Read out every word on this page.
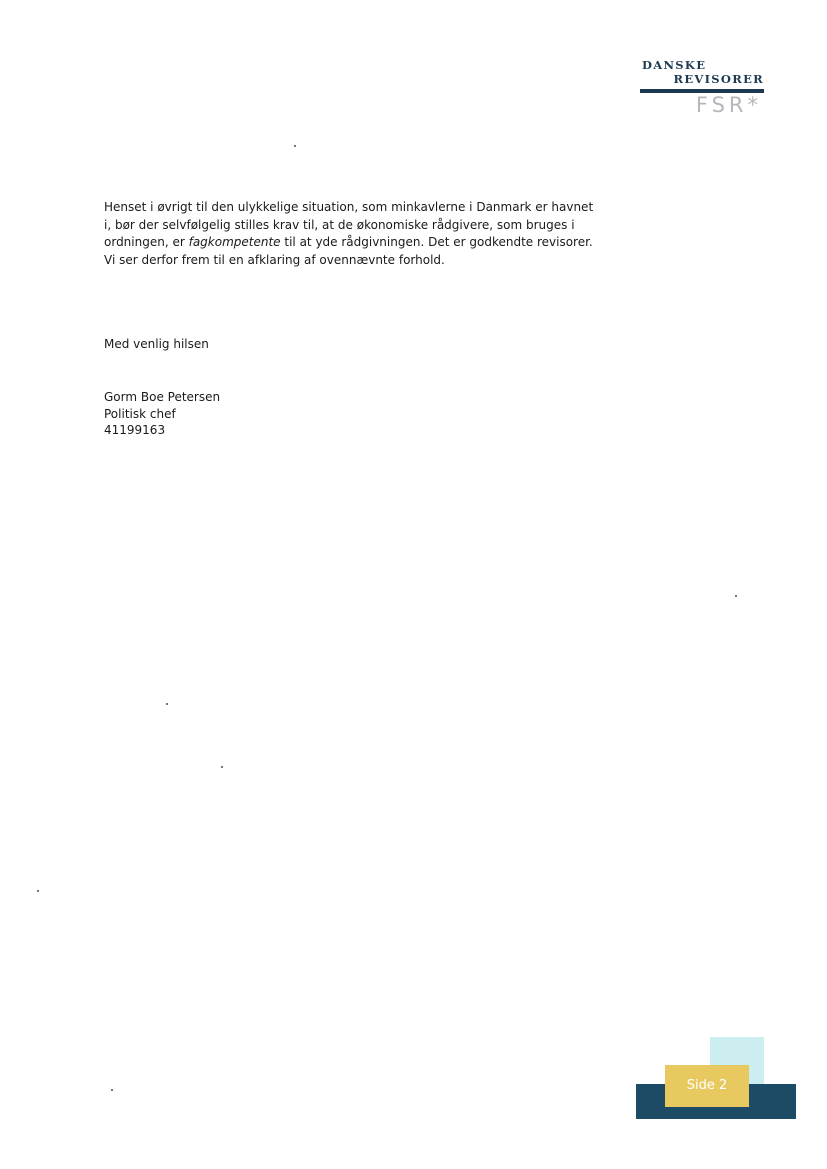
DANSKE
REVISORER
FSR*

Henset i øvrigt til den ulykkelige situation, som minkavlerne i Danmark er havnet i, bør der selvfølgelig stilles krav til, at de økonomiske rådgivere, som bruges i ordningen, er fagkompetente til at yde rådgivningen. Det er godkendte revisorer. Vi ser derfor frem til en afklaring af ovennævnte forhold.

Med venlig hilsen
Gorm Boe Petersen
Politisk chef
41199163
Side 2
